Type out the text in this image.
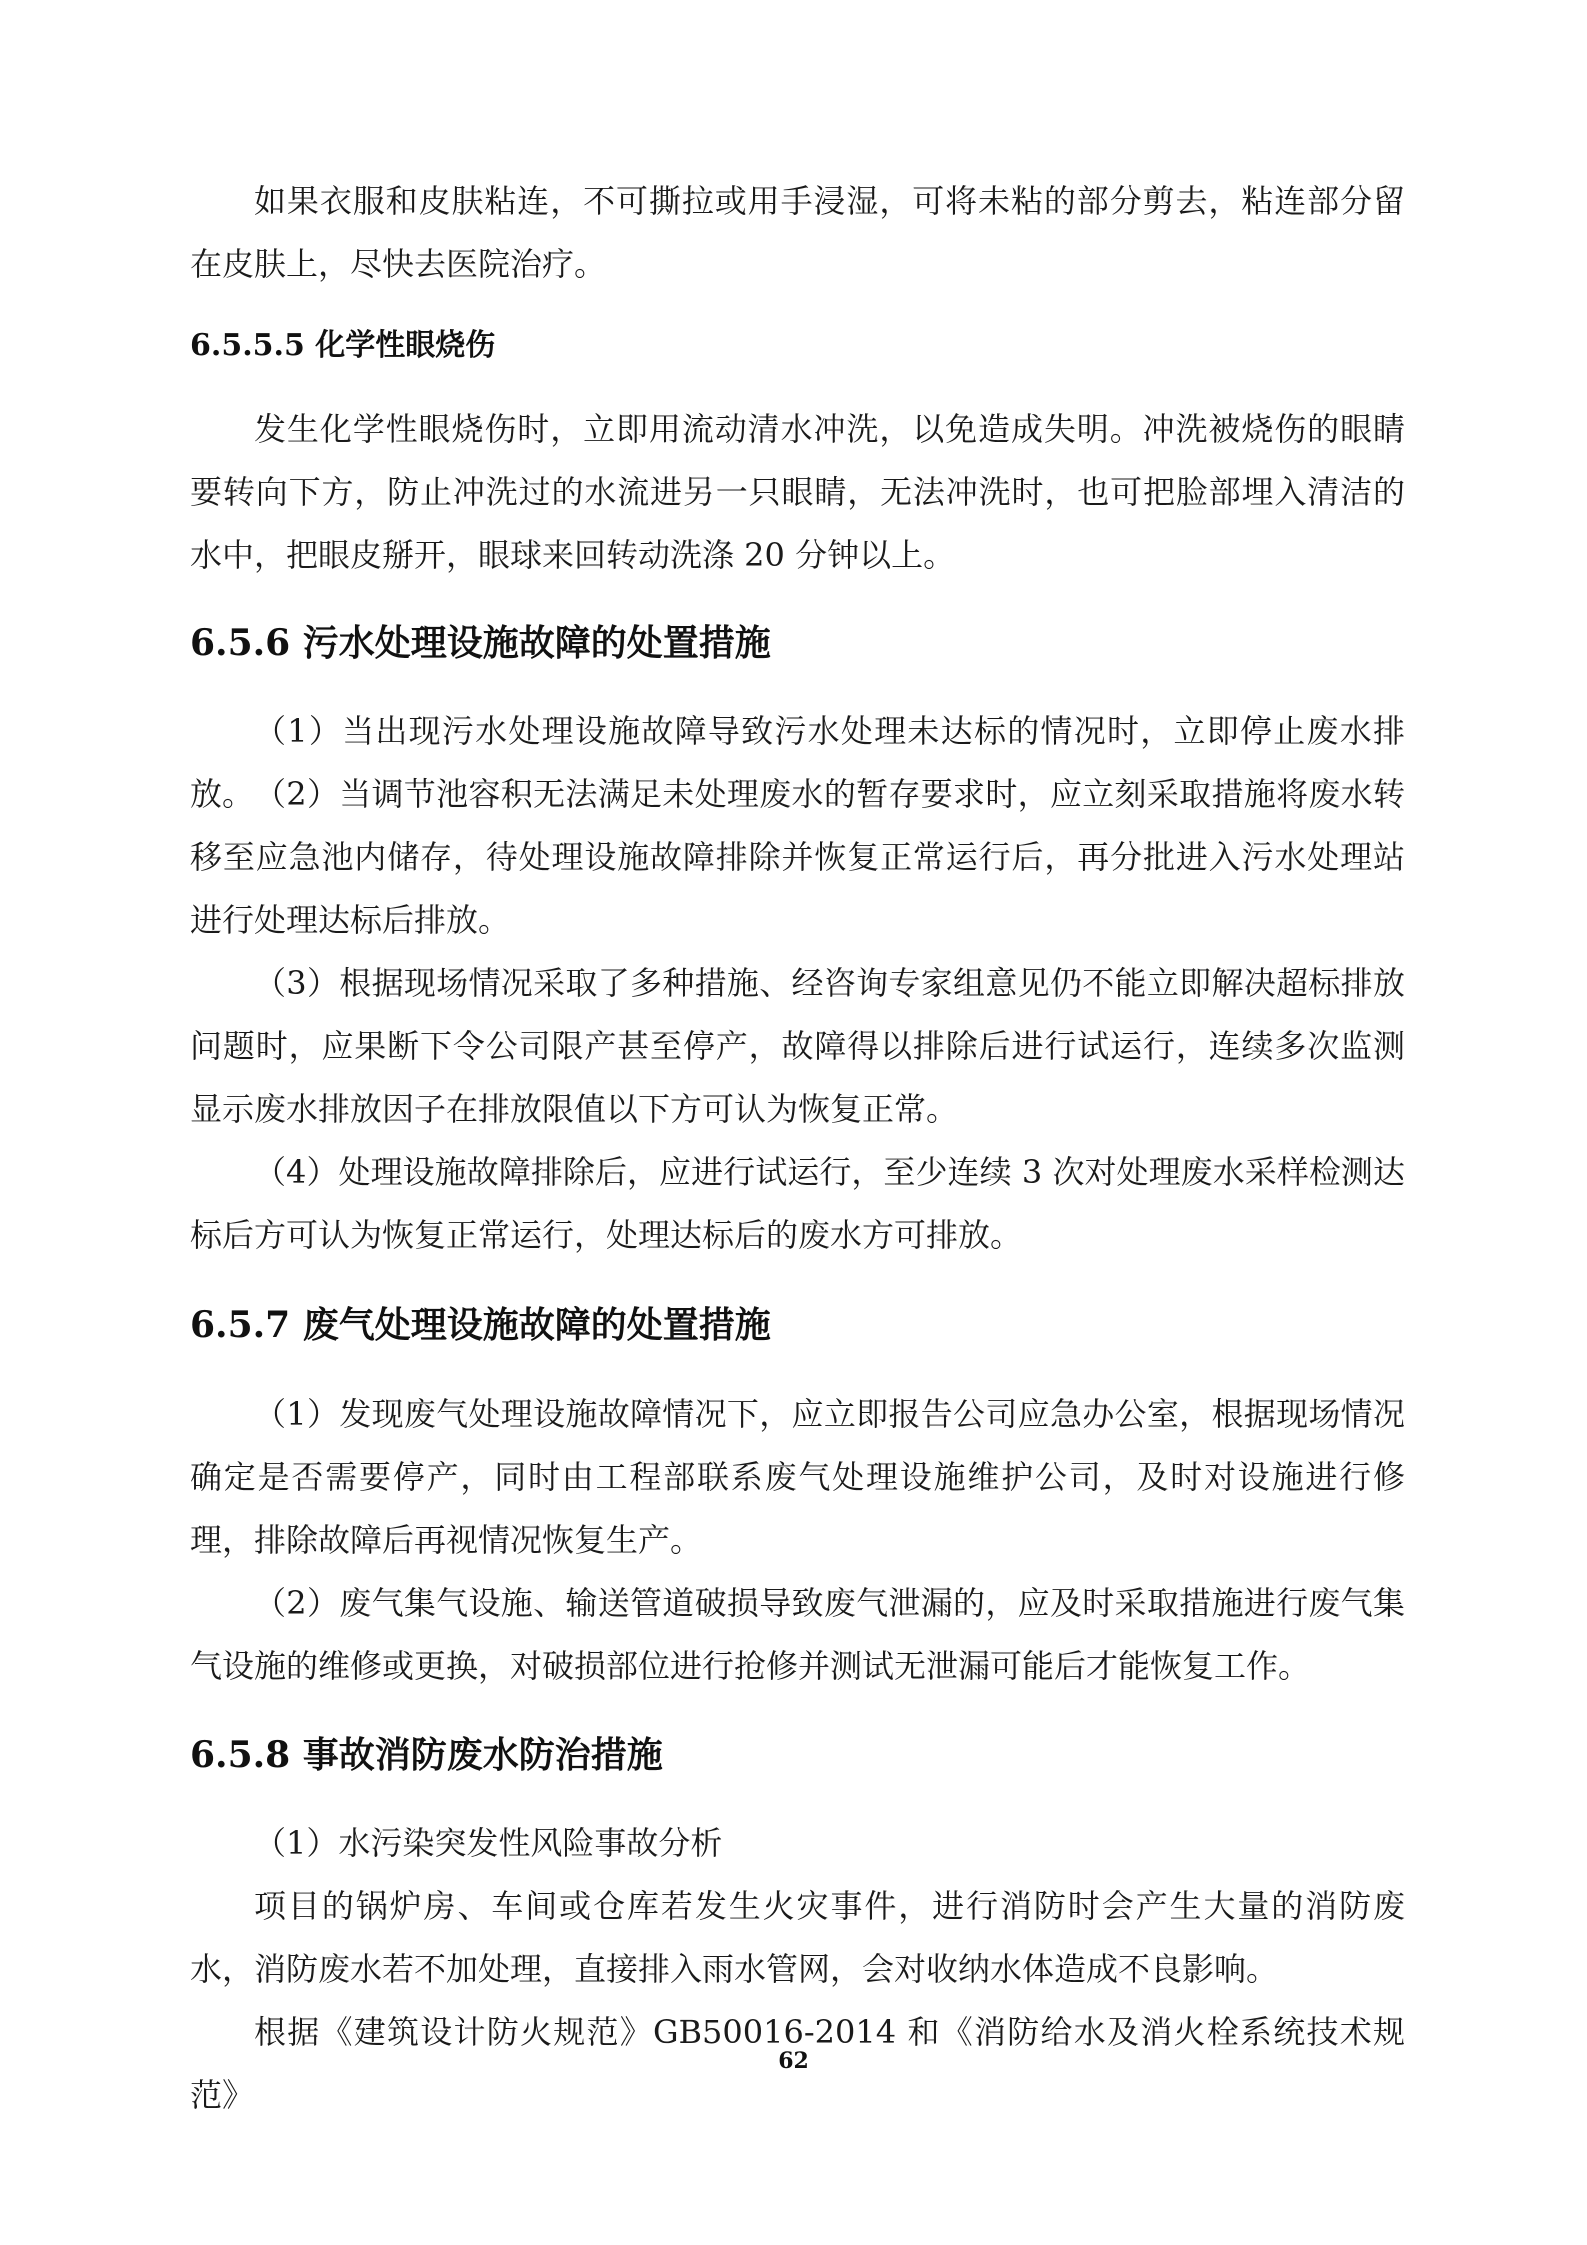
如果衣服和皮肤粘连，不可撕拉或用手浸湿，可将未粘的部分剪去，粘连部分留在皮肤上，尽快去医院治疗。

6.5.5.5 化学性眼烧伤

发生化学性眼烧伤时，立即用流动清水冲洗，以免造成失明。冲洗被烧伤的眼睛要转向下方，防止冲洗过的水流进另一只眼睛，无法冲洗时，也可把脸部埋入清洁的水中，把眼皮掰开，眼球来回转动洗涤 20 分钟以上。

6.5.6 污水处理设施故障的处置措施

（1）当出现污水处理设施故障导致污水处理未达标的情况时，立即停止废水排放。 （2）当调节池容积无法满足未处理废水的暂存要求时，应立刻采取措施将废水转移至应急池内储存，待处理设施故障排除并恢复正常运行后，再分批进入污水处理站进行处理达标后排放。

（3）根据现场情况采取了多种措施、经咨询专家组意见仍不能立即解决超标排放问题时，应果断下令公司限产甚至停产，故障得以排除后进行试运行，连续多次监测显示废水排放因子在排放限值以下方可认为恢复正常。

（4）处理设施故障排除后，应进行试运行，至少连续 3 次对处理废水采样检测达标后方可认为恢复正常运行，处理达标后的废水方可排放。

6.5.7 废气处理设施故障的处置措施

（1）发现废气处理设施故障情况下，应立即报告公司应急办公室，根据现场情况确定是否需要停产，同时由工程部联系废气处理设施维护公司，及时对设施进行修理，排除故障后再视情况恢复生产。

（2）废气集气设施、输送管道破损导致废气泄漏的，应及时采取措施进行废气集气设施的维修或更换，对破损部位进行抢修并测试无泄漏可能后才能恢复工作。

6.5.8 事故消防废水防治措施

（1）水污染突发性风险事故分析

项目的锅炉房、车间或仓库若发生火灾事件，进行消防时会产生大量的消防废水，消防废水若不加处理，直接排入雨水管网，会对收纳水体造成不良影响。

根据《建筑设计防火规范》GB50016-2014 和《消防给水及消火栓系统技术规范》

62
